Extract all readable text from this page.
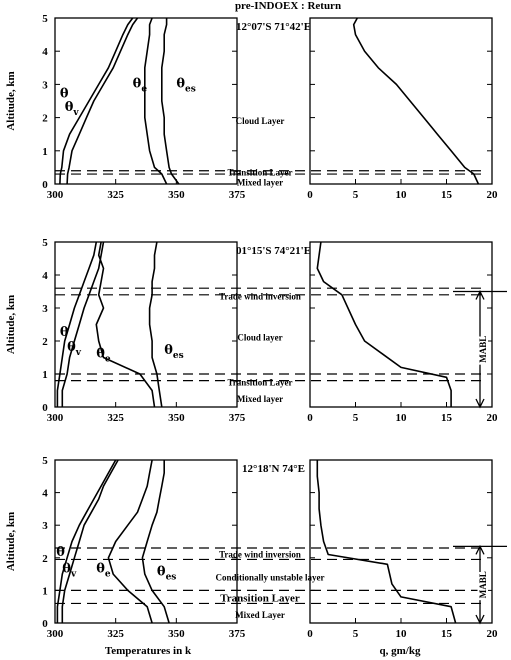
pre-INDOEX : Return
Temperatures in k	q, gm/kg
0
1
2
3
4
5
Altitude, km
300	325	350	375	0	5	10	15	20
θ
$\theta_v$
$\theta_e$ $\theta_{es}$
12°07'S 71°42'E
Cloud Layer
Transition Layer
Mixed layer
0
1
2
3
4
5
Altitude, km
300	325	350	375	0	5	10	15	20
θ
$\theta_v$ $\theta_e$
$\theta_{es}$
01°15'S 74°21'E
Trade wind inversion
Cloud layer
Transition Layer
Mixed layer
MABL
0
1
2
3
4
5
Altitude, km
300	325	350	375	0	5	10	15	20
θ
$\theta_v$ $\theta_e$	$\theta_{es}$
12°18'N 74°E
Trade wind inversion
Conditionally unstable layer
Transition Layer
Mixed Layer
MABL
